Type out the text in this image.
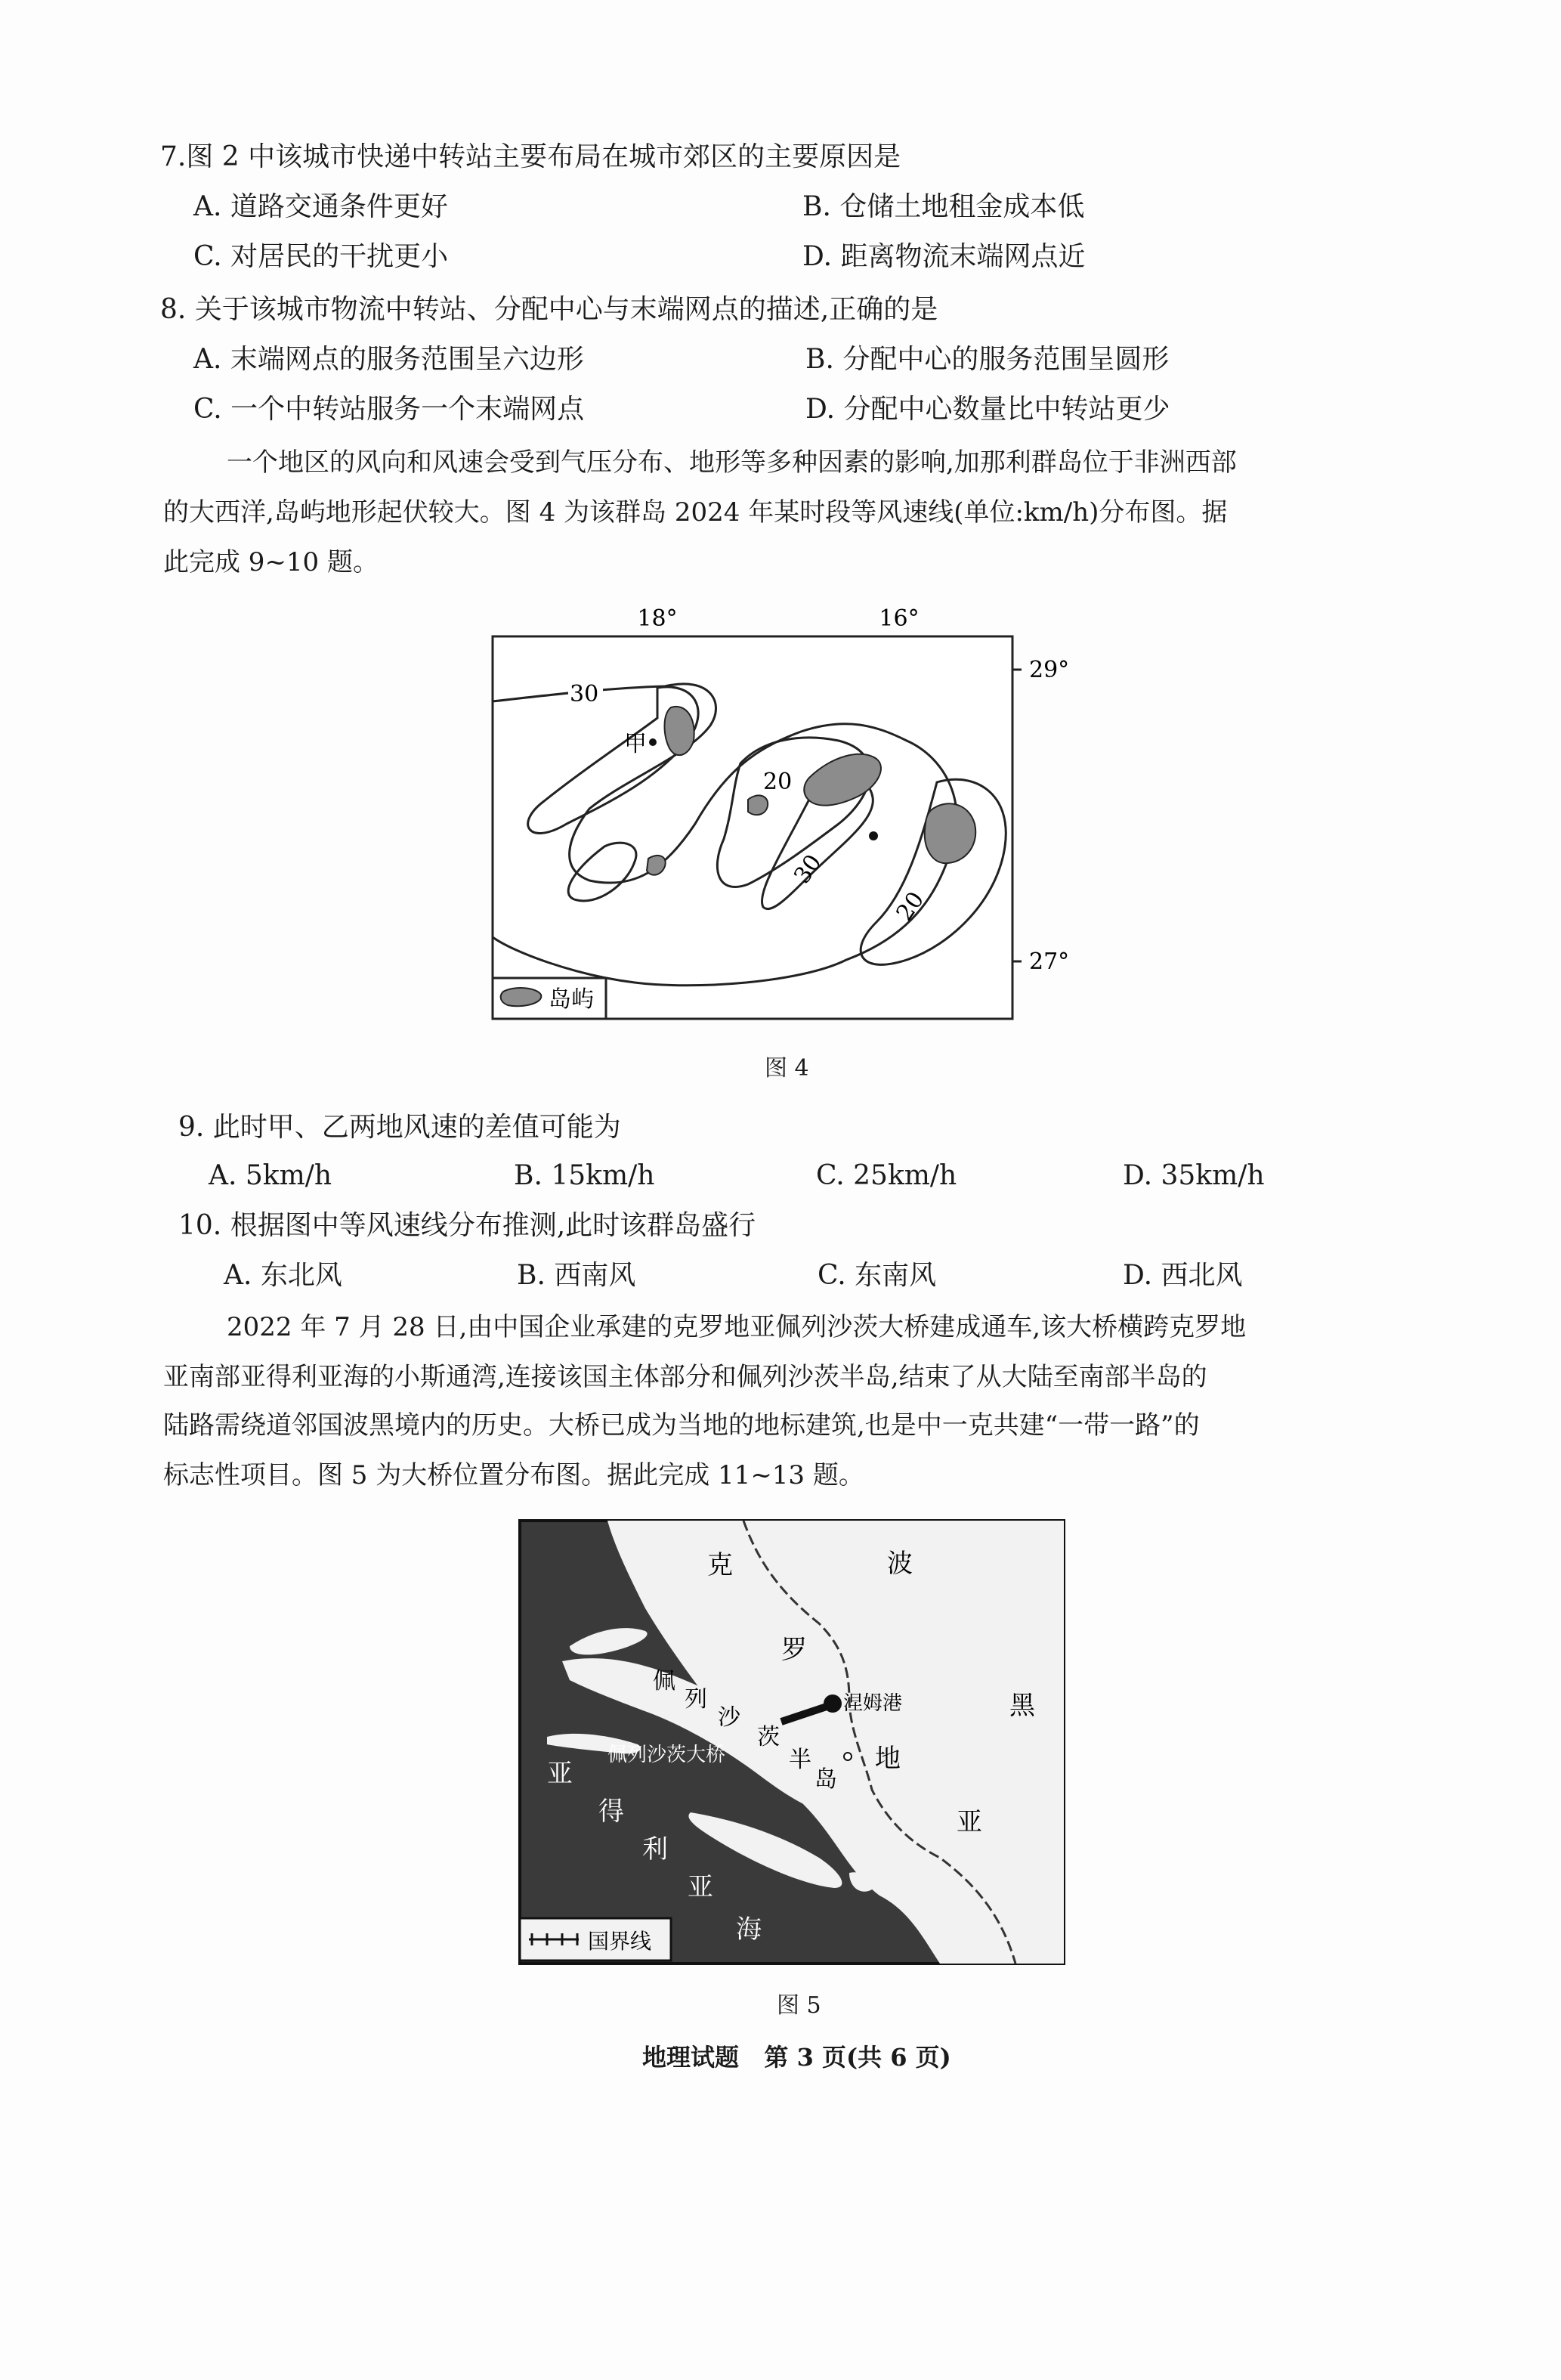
7.图 2 中该城市快递中转站主要布局在城市郊区的主要原因是
A. 道路交通条件更好	B. 仓储土地租金成本低
C. 对居民的干扰更小	D. 距离物流末端网点近
8. 关于该城市物流中转站、分配中心与末端网点的描述,正确的是
A. 末端网点的服务范围呈六边形	B. 分配中心的服务范围呈圆形
C. 一个中转站服务一个末端网点	D. 分配中心数量比中转站更少
一个地区的风向和风速会受到气压分布、地形等多种因素的影响,加那利群岛位于非洲西部
的大西洋,岛屿地形起伏较大。图 4 为该群岛 2024 年某时段等风速线(单位:km/h)分布图。据
此完成 9~10 题。
18°	16°
29°
27°
甲
30
20
30
20
岛屿
图 4
9. 此时甲、乙两地风速的差值可能为
A. 5km/h	B. 15km/h	C. 25km/h	D. 35km/h
10. 根据图中等风速线分布推测,此时该群岛盛行
A. 东北风	B. 西南风	C. 东南风	D. 西北风
2022 年 7 月 28 日,由中国企业承建的克罗地亚佩列沙茨大桥建成通车,该大桥横跨克罗地
亚南部亚得利亚海的小斯通湾,连接该国主体部分和佩列沙茨半岛,结束了从大陆至南部半岛的
陆路需绕道邻国波黑境内的历史。大桥已成为当地的地标建筑,也是中一克共建“一带一路”的
标志性项目。图 5 为大桥位置分布图。据此完成 11~13 题。
克
罗
地
亚
波
黑
佩
列
沙
茨
半
岛
亚
得
利
亚
海
佩列沙茨大桥
涅姆港
国界线
图 5
地理试题   第 3 页(共 6 页)
